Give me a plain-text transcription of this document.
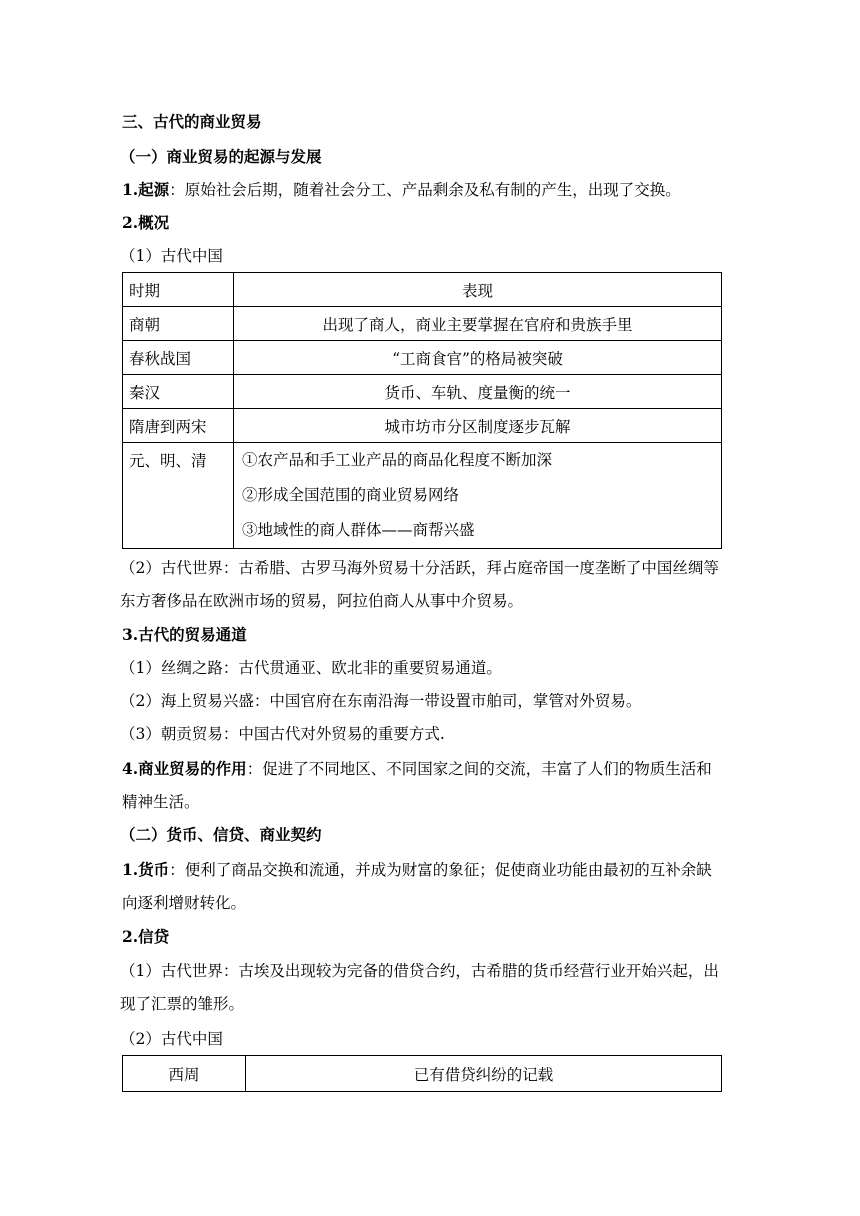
三、古代的商业贸易
（一）商业贸易的起源与发展
1.起源：原始社会后期，随着社会分工、产品剩余及私有制的产生，出现了交换。
2.概况
（1）古代中国
时期	表现
商朝	出现了商人，商业主要掌握在官府和贵族手里
春秋战国	“工商食官”的格局被突破
秦汉	货币、车轨、度量衡的统一
隋唐到两宋	城市坊市分区制度逐步瓦解
元、明、清	①农产品和手工业产品的商品化程度不断加深
②形成全国范围的商业贸易网络
③地域性的商人群体——商帮兴盛
（2）古代世界：古希腊、古罗马海外贸易十分活跃，拜占庭帝国一度垄断了中国丝绸等东方奢侈品在欧洲市场的贸易，阿拉伯商人从事中介贸易。
3.古代的贸易通道
（1）丝绸之路：古代贯通亚、欧北非的重要贸易通道。
（2）海上贸易兴盛：中国官府在东南沿海一带设置市舶司，掌管对外贸易。
（3）朝贡贸易：中国古代对外贸易的重要方式.
4.商业贸易的作用：促进了不同地区、不同国家之间的交流，丰富了人们的物质生活和精神生活。
（二）货币、信贷、商业契约
1.货币：便利了商品交换和流通，并成为财富的象征；促使商业功能由最初的互补余缺向逐利增财转化。
2.信贷
（1）古代世界：古埃及出现较为完备的借贷合约，古希腊的货币经营行业开始兴起，出现了汇票的雏形。
（2）古代中国
西周	已有借贷纠纷的记载
